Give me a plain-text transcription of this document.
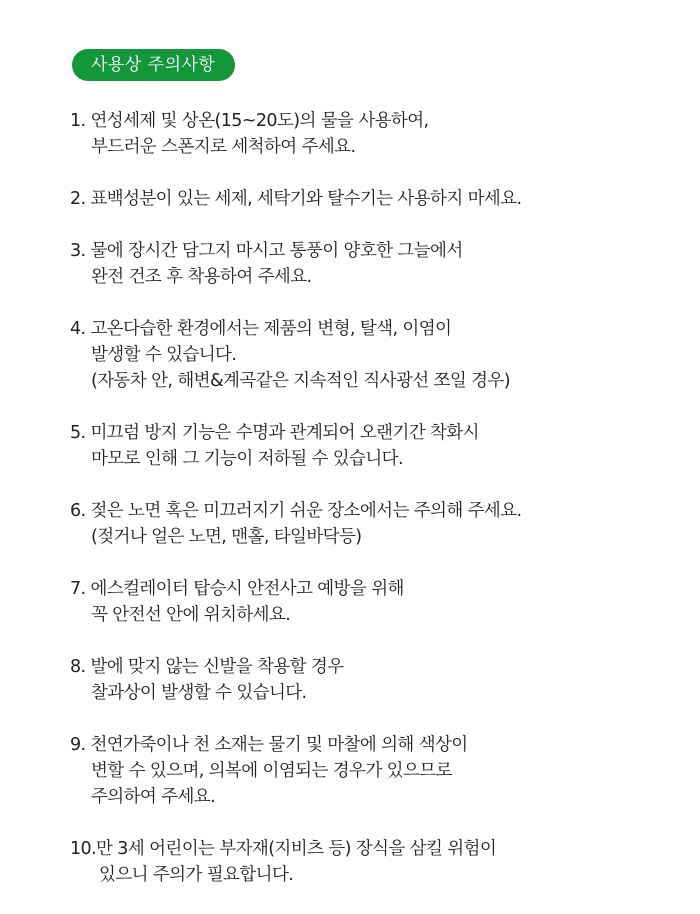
사용상 주의사항
1. 연성세제 및 상온(15~20도)의 물을 사용하여,
부드러운 스폰지로 세척하여 주세요.
2. 표백성분이 있는 세제, 세탁기와 탈수기는 사용하지 마세요.
3. 물에 장시간 담그지 마시고 통풍이 양호한 그늘에서
완전 건조 후 착용하여 주세요.
4. 고온다습한 환경에서는 제품의 변형, 탈색, 이염이
발생할 수 있습니다.
(자동차 안, 해변&계곡같은 지속적인 직사광선 쪼일 경우)
5. 미끄럼 방지 기능은 수명과 관계되어 오랜기간 착화시
마모로 인해 그 기능이 저하될 수 있습니다.
6. 젖은 노면 혹은 미끄러지기 쉬운 장소에서는 주의해 주세요.
(젖거나 얼은 노면, 맨홀, 타일바닥등)
7. 에스컬레이터 탑승시 안전사고 예방을 위해
꼭 안전선 안에 위치하세요.
8. 발에 맞지 않는 신발을 착용할 경우
찰과상이 발생할 수 있습니다.
9. 천연가죽이나 천 소재는 물기 및 마찰에 의해 색상이
변할 수 있으며, 의복에 이염되는 경우가 있으므로
주의하여 주세요.
10.만 3세 어린이는 부자재(지비츠 등) 장식을 삼킬 위험이
있으니 주의가 필요합니다.
